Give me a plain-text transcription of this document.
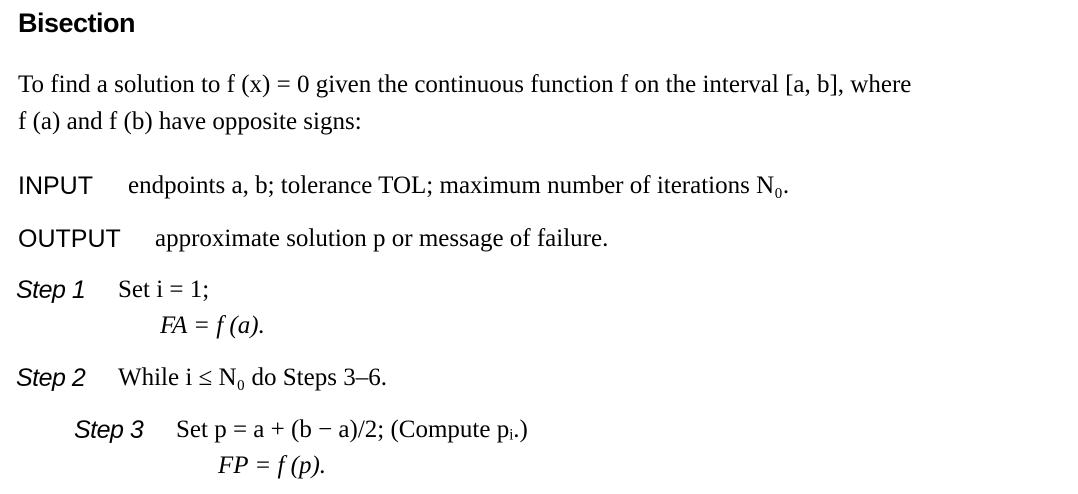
Bisection
To find a solution to f (x) = 0 given the continuous function f on the interval [a, b], where
f (a) and f (b) have opposite signs:
INPUT endpoints a, b; tolerance TOL; maximum number of iterations N₀.
OUTPUT approximate solution p or message of failure.
Step 1 Set i = 1;
FA = f (a).
Step 2 While i ≤ N₀ do Steps 3–6.
Step 3 Set p = a + (b − a)/2; (Compute pᵢ.)
FP = f (p).
